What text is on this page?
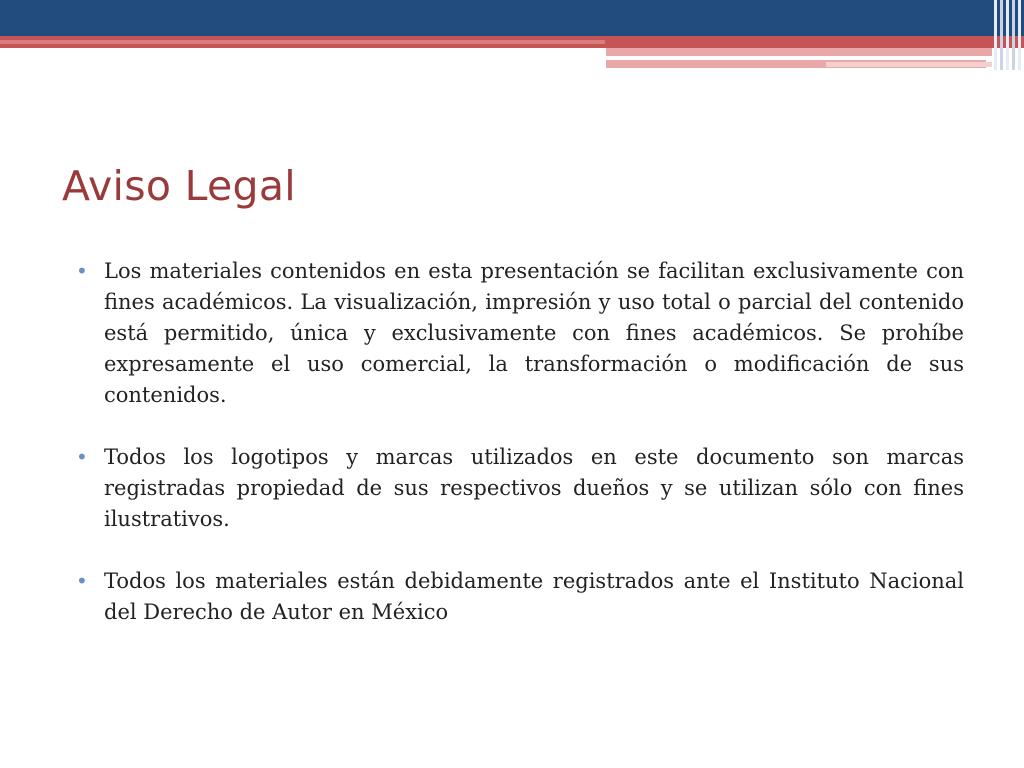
Aviso Legal
• Los materiales contenidos en esta presentación se facilitan exclusivamente con fines académicos. La visualización, impresión y uso total o parcial del contenido está permitido, única y exclusivamente con fines académicos. Se prohíbe expresamente el uso comercial, la transformación o modificación de sus contenidos.
• Todos los logotipos y marcas utilizados en este documento son marcas registradas propiedad de sus respectivos dueños y se utilizan sólo con fines ilustrativos.
• Todos los materiales están debidamente registrados ante el Instituto Nacional del Derecho de Autor en México
